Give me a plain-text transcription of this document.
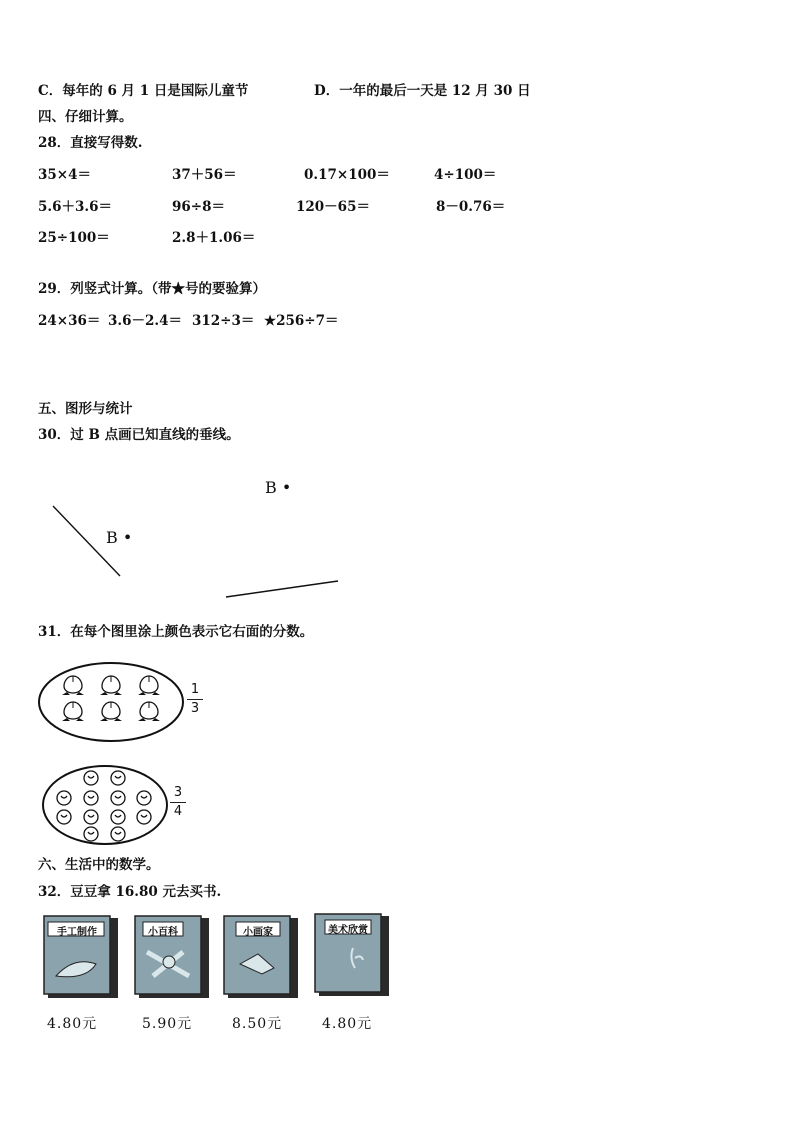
C．每年的 6 月 1 日是国际儿童节	D．一年的最后一天是 12 月 30 日
四、仔细计算。
28．直接写得数.
35×4＝	37＋56＝	0.17×100＝	4÷100＝
5.6＋3.6＝	96÷8＝	120－65＝	8－0.76＝
25÷100＝	2.8＋1.06＝
29．列竖式计算。（带★号的要验算）
24×36＝ 3.6－2.4＝ 312÷3＝ ★256÷7＝
五、图形与统计
30．过 B 点画已知直线的垂线。
B •
B •
31．在每个图里涂上颜色表示它右面的分数。
1
3
3
4
六、生活中的数学。
32．豆豆拿 16.80 元去买书.
手工制作	小百科	小画家	美术欣赏
4.80元	5.90元	8.50元	4.80元
